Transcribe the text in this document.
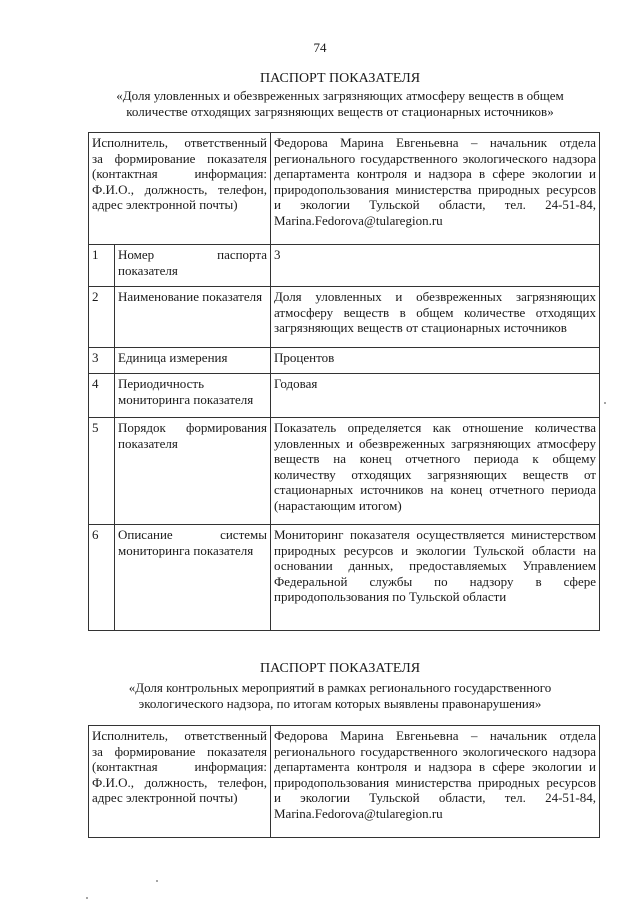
74
ПАСПОРТ ПОКАЗАТЕЛЯ
«Доля уловленных и обезвреженных загрязняющих атмосферу веществ в общем
количестве отходящих загрязняющих веществ от стационарных источников»
Исполнитель, ответственный за формирование показателя (контактная информация: Ф.И.О., должность, телефон, адрес электронной почты)		Федорова Марина Евгеньевна – начальник отдела регионального государственного экологического надзора департамента контроля и надзора в сфере экологии и природопользования министерства природных ресурсов и экологии Тульской области, тел. 24-51-84, Marina.Fedorova@tularegion.ru
1	Номер паспорта показателя	3
2	Наименование показателя	Доля уловленных и обезвреженных загрязняющих атмосферу веществ в общем количестве отходящих загрязняющих веществ от стационарных источников
3	Единица измерения	Процентов
4	Периодичность мониторинга показателя	Годовая
5	Порядок формирования показателя	Показатель определяется как отношение количества уловленных и обезвреженных загрязняющих атмосферу веществ на конец отчетного периода к общему количеству отходящих загрязняющих веществ от стационарных источников на конец отчетного периода (нарастающим итогом)
6	Описание системы мониторинга показателя	Мониторинг показателя осуществляется министерством природных ресурсов и экологии Тульской области на основании данных, предоставляемых Управлением Федеральной службы по надзору в сфере природопользования по Тульской области
ПАСПОРТ ПОКАЗАТЕЛЯ
«Доля контрольных мероприятий в рамках регионального государственного
экологического надзора, по итогам которых выявлены правонарушения»
Исполнитель, ответственный за формирование показателя (контактная информация: Ф.И.О., должность, телефон, адрес электронной почты)	Федорова Марина Евгеньевна – начальник отдела регионального государственного экологического надзора департамента контроля и надзора в сфере экологии и природопользования министерства природных ресурсов и экологии Тульской области, тел. 24-51-84, Marina.Fedorova@tularegion.ru
